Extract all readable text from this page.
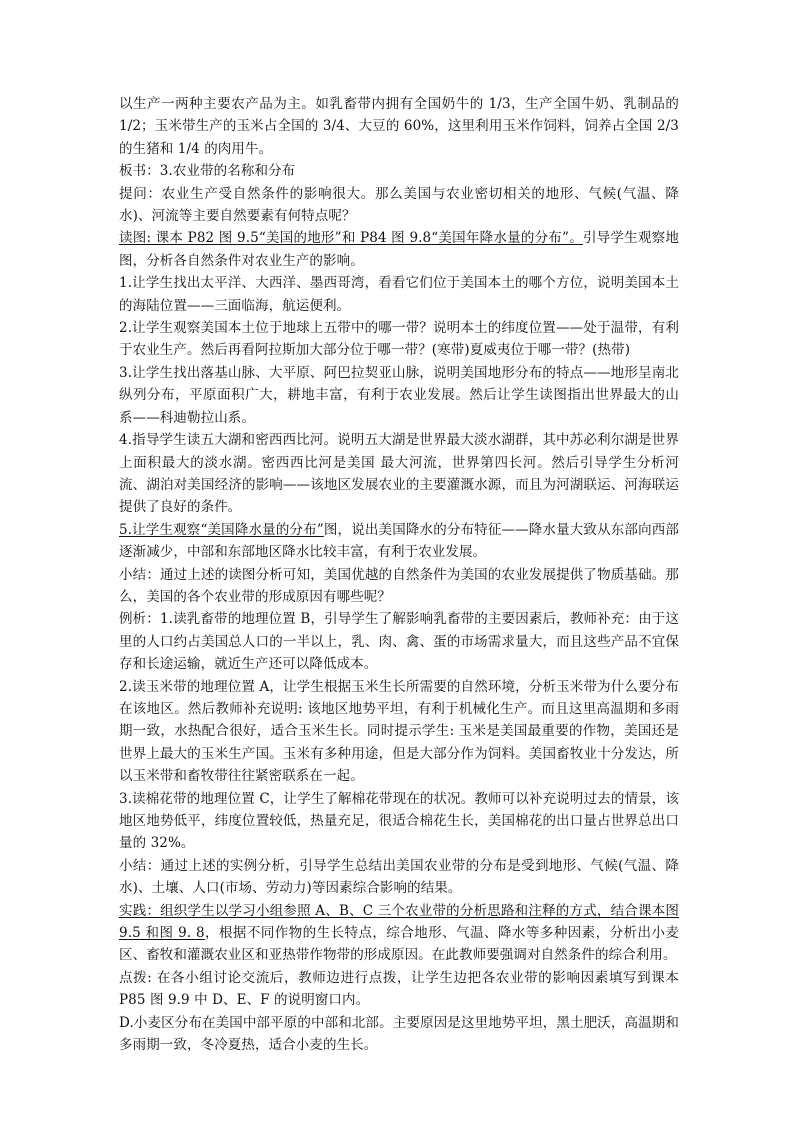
以生产一两种主要农产品为主。如乳畜带内拥有全国奶牛的 1/3，生产全国牛奶、乳制品的 1/2；玉米带生产的玉米占全国的 3/4、大豆的 60%，这里利用玉米作饲料，饲养占全国 2/3 的生猪和 1/4 的肉用牛。

板书：3.农业带的名称和分布

提问：农业生产受自然条件的影响很大。那么美国与农业密切相关的地形、气候(气温、降水)、河流等主要自然要素有何特点呢？

读图: 课本 P82 图 9.5“美国的地形”和 P84 图 9.8“美国年降水量的分布”。引导学生观察地图，分析各自然条件对农业生产的影响。

1.让学生找出太平洋、大西洋、墨西哥湾，看看它们位于美国本土的哪个方位，说明美国本土的海陆位置——三面临海，航运便利。

2.让学生观察美国本土位于地球上五带中的哪一带？说明本土的纬度位置——处于温带，有利于农业生产。然后再看阿拉斯加大部分位于哪一带？(寒带)夏威夷位于哪一带？(热带)

3.让学生找出落基山脉、大平原、阿巴拉契亚山脉，说明美国地形分布的特点——地形呈南北纵列分布，平原面积广大，耕地丰富，有利于农业发展。然后让学生读图指出世界最大的山 系——科迪勒拉山系。

4.指导学生读五大湖和密西西比河。说明五大湖是世界最大淡水湖群，其中苏必利尔湖是世界上面积最大的淡水湖。密西西比河是美国 最大河流，世界第四长河。然后引导学生分析河流、湖泊对美国经济的影响——该地区发展农业的主要灌溉水源，而且为河湖联运、河海联运提供了良好的条件。

5.让学生观察“美国降水量的分布”图，说出美国降水的分布特征——降水量大致从东部向西部逐渐减少，中部和东部地区降水比较丰富，有利于农业发展。

小结：通过上述的读图分析可知，美国优越的自然条件为美国的农业发展提供了物质基础。那么，美国的各个农业带的形成原因有哪些呢？

例析：1.读乳畜带的地理位置 B，引导学生了解影响乳畜带的主要因素后，教师补充：由于这里的人口约占美国总人口的一半以上，乳、肉、禽、蛋的市场需求量大，而且这些产品不宜保存和长途运输，就近生产还可以降低成本。

2.读玉米带的地理位置 A，让学生根据玉米生长所需要的自然环境，分析玉米带为什么要分布在该地区。然后教师补充说明: 该地区地势平坦，有利于机械化生产。而且这里高温期和多雨期一致，水热配合很好，适合玉米生长。同时提示学生: 玉米是美国最重要的作物，美国还是世界上最大的玉米生产国。玉米有多种用途，但是大部分作为饲料。美国畜牧业十分发达，所以玉米带和畜牧带往往紧密联系在一起。

3.读棉花带的地理位置 C，让学生了解棉花带现在的状况。教师可以补充说明过去的情景，该地区地势低平，纬度位置较低，热量充足，很适合棉花生长，美国棉花的出口量占世界总出口量的 32%。

小结：通过上述的实例分析，引导学生总结出美国农业带的分布是受到地形、气候(气温、降水)、土壤、人口(市场、劳动力)等因素综合影响的结果。

实践：组织学生以学习小组参照 A、B、C 三个农业带的分析思路和注释的方式，结合课本图 9.5 和图 9. 8，根据不同作物的生长特点，综合地形、气温、降水等多种因素，分析出小麦区、畜牧和灌溉农业区和亚热带作物带的形成原因。在此教师要强调对自然条件的综合利用。

点拨: 在各小组讨论交流后，教师边进行点拨，让学生边把各农业带的影响因素填写到课本 P85 图 9.9 中 D、E、F 的说明窗口内。

D.小麦区分布在美国中部平原的中部和北部。主要原因是这里地势平坦，黑土肥沃，高温期和多雨期一致，冬冷夏热，适合小麦的生长。
